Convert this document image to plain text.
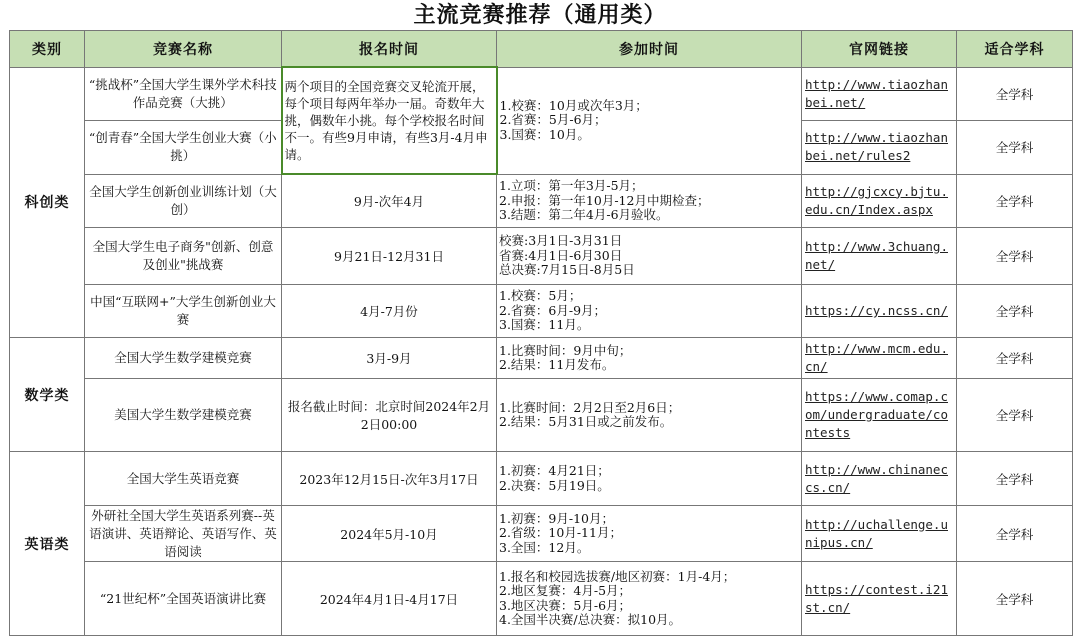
主流竞赛推荐（通用类）
类别	竞赛名称	报名时间	参加时间	官网链接	适合学科
科创类	“挑战杯”全国大学生课外学术科技作品竞赛（大挑）	两个项目的全国竞赛交叉轮流开展，每个项目每两年举办一届。奇数年大挑，偶数年小挑。每个学校报名时间不一。有些9月申请，有些3月-4月申请。	1.校赛：10月或次年3月；
2.省赛：5月-6月；
3.国赛：10月。	http://www.tiaozhanbei.net/	全学科
	“创青春”全国大学生创业大赛（小挑）			http://www.tiaozhanbei.net/rules2	全学科
	全国大学生创新创业训练计划（大创）	9月-次年4月	1.立项：第一年3月-5月；
2.申报：第一年10月-12月中期检查；
3.结题：第二年4月-6月验收。	http://gjcxcy.bjtu.edu.cn/Index.aspx	全学科
	全国大学生电子商务"创新、创意及创业"挑战赛	9月21日-12月31日	校赛:3月1日-3月31日
省赛:4月1日-6月30日
总决赛:7月15日-8月5日	http://www.3chuang.net/	全学科
	中国“互联网+”大学生创新创业大赛	4月-7月份	1.校赛：5月；
2.省赛：6月-9月；
3.国赛：11月。	https://cy.ncss.cn/	全学科
数学类	全国大学生数学建模竞赛	3月-9月	1.比赛时间：9月中旬；
2.结果：11月发布。	http://www.mcm.edu.cn/	全学科
	美国大学生数学建模竞赛	报名截止时间：北京时间2024年2月2日00:00	1.比赛时间：2月2日至2月6日；
2.结果：5月31日或之前发布。	https://www.comap.com/undergraduate/contests	全学科
英语类	全国大学生英语竞赛	2023年12月15日-次年3月17日	1.初赛：4月21日；
2.决赛：5月19日。	http://www.chinaneccs.cn/	全学科
	外研社全国大学生英语系列赛--英语演讲、英语辩论、英语写作、英语阅读	2024年5月-10月	1.初赛：9月-10月；
2.省级：10月-11月；
3.全国：12月。	http://uchallenge.unipus.cn/	全学科
	“21世纪杯”全国英语演讲比赛	2024年4月1日-4月17日	1.报名和校园选拔赛/地区初赛：1月-4月；
2.地区复赛：4月-5月；
3.地区决赛：5月-6月；
4.全国半决赛/总决赛：拟10月。	https://contest.i21st.cn/	全学科
